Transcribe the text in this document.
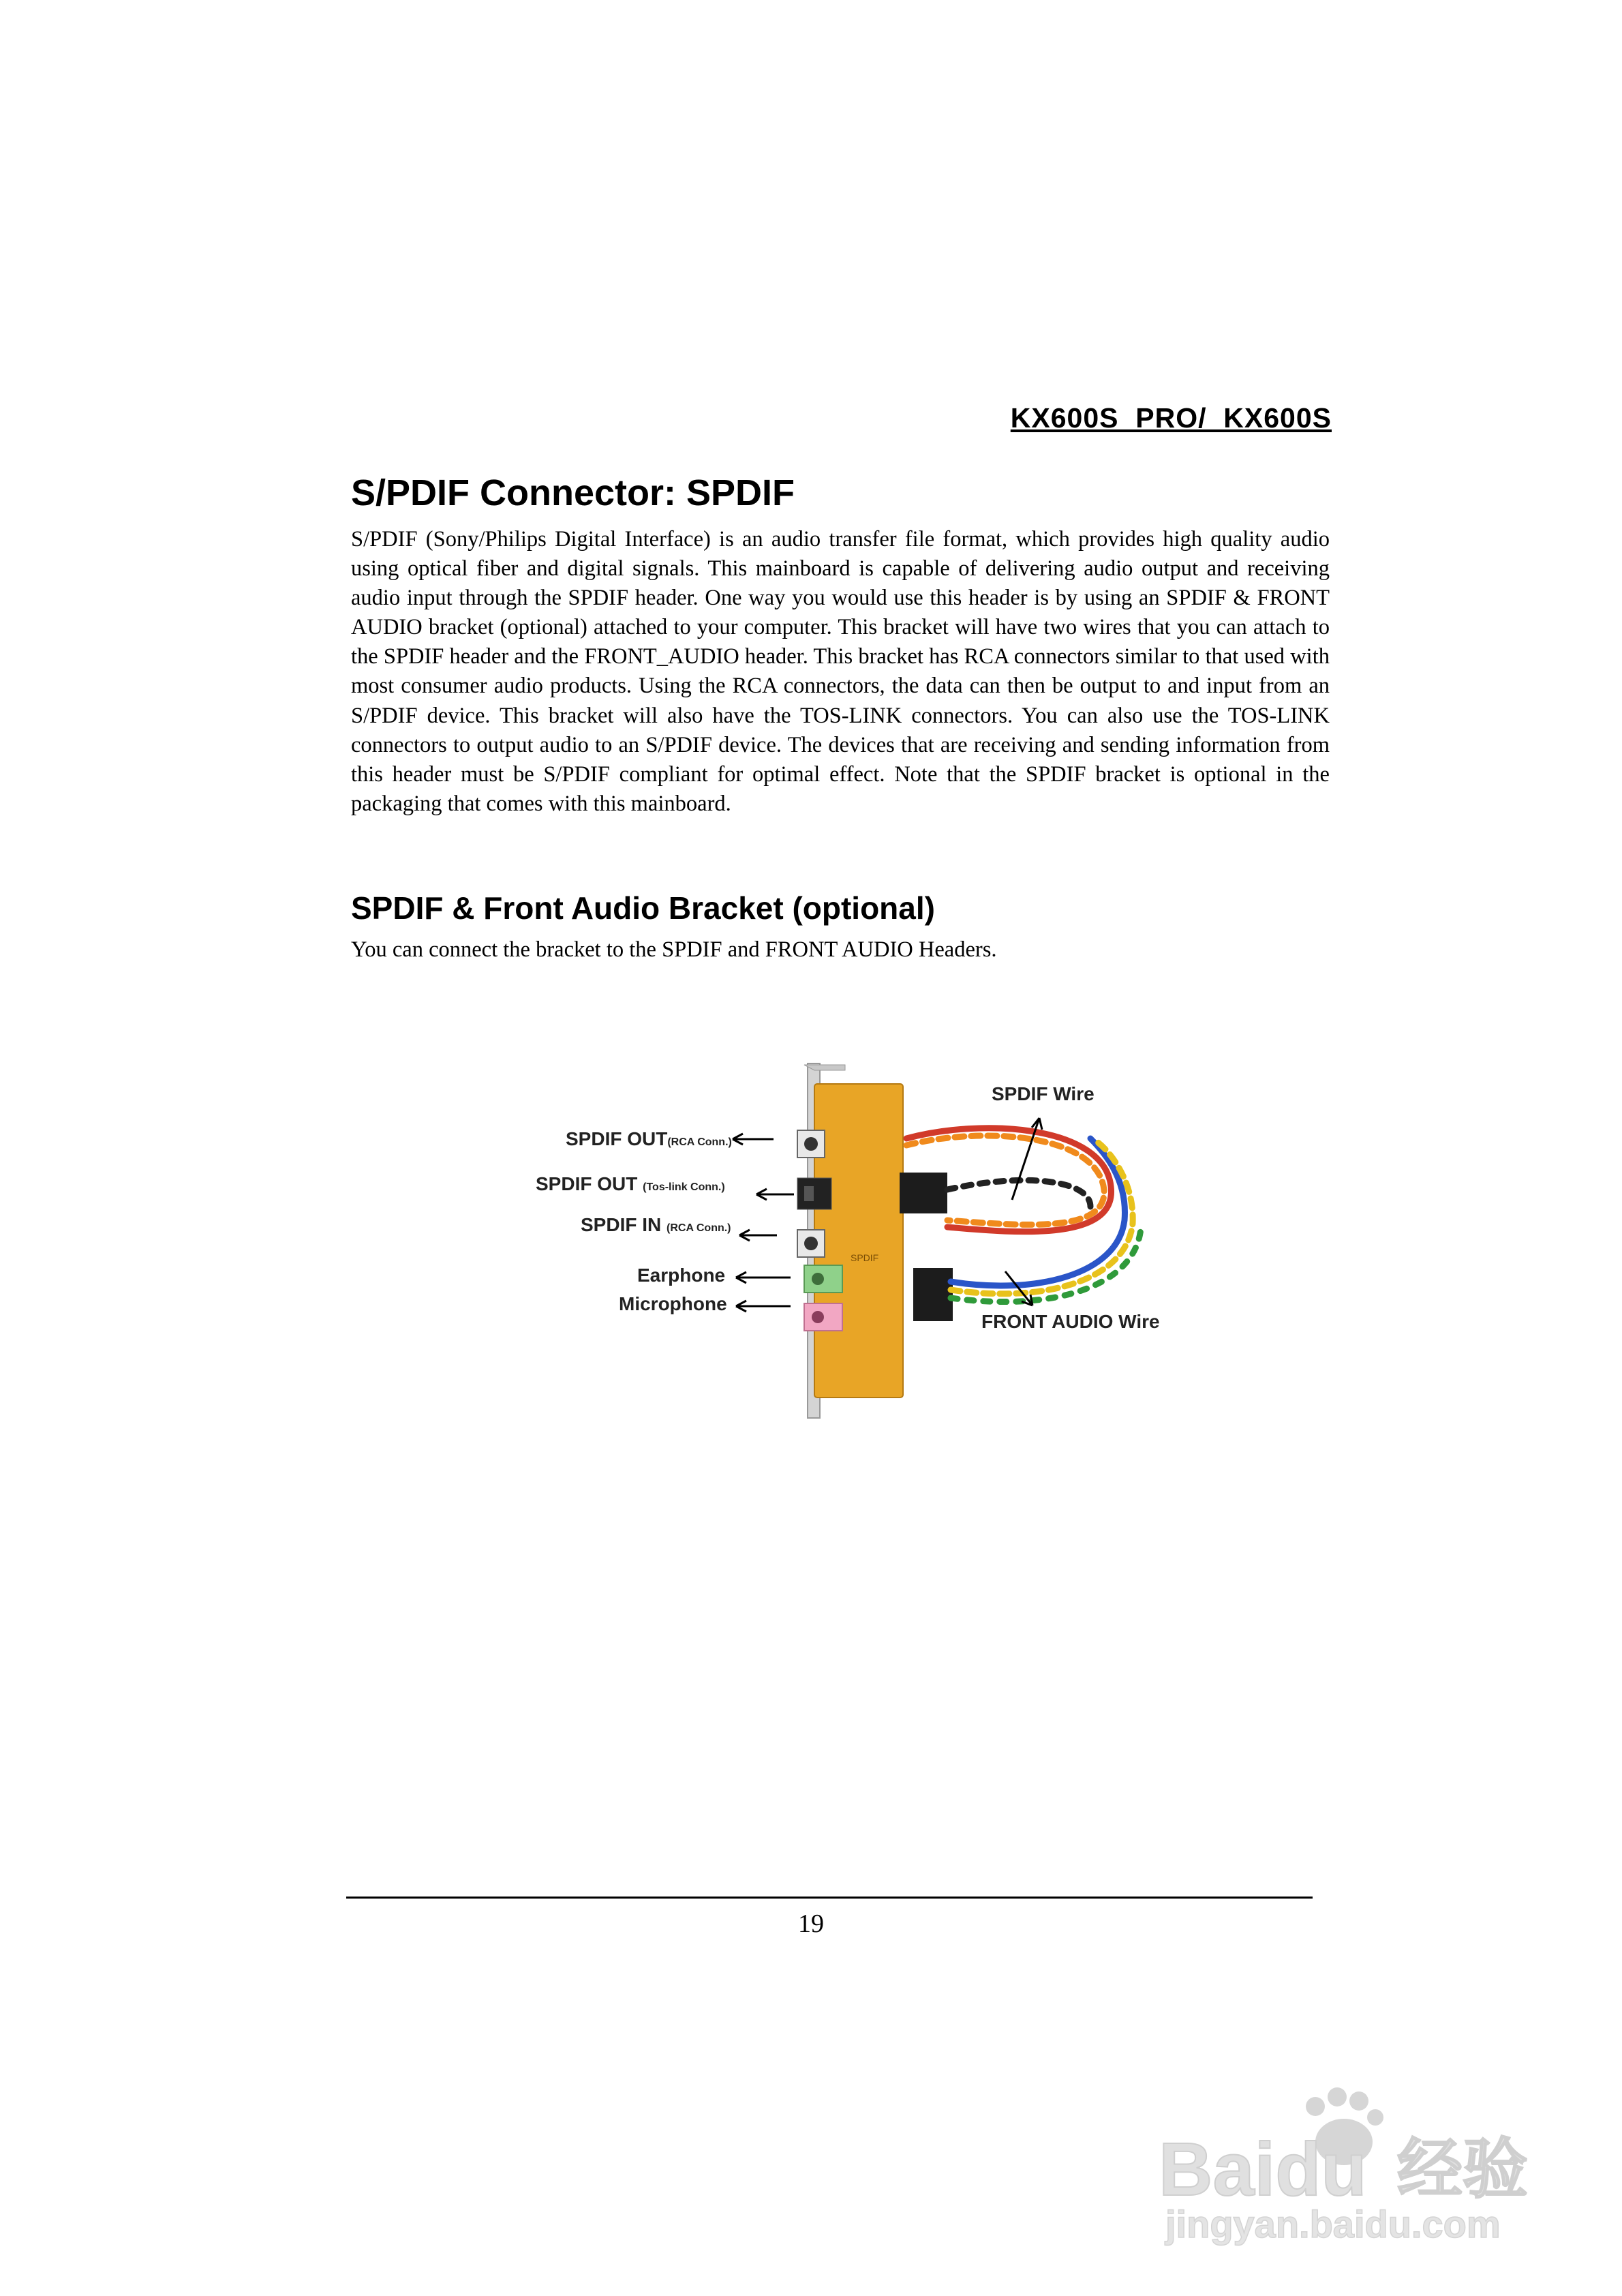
KX600S  PRO/  KX600S
S/PDIF Connector: SPDIF

S/PDIF (Sony/Philips Digital Interface) is an audio transfer file format, which provides high quality audio using optical fiber and digital signals. This mainboard is capable of delivering audio output and receiving audio input through the SPDIF header. One way you would use this header is by using an SPDIF & FRONT AUDIO bracket (optional) attached to your computer. This bracket will have two wires that you can attach to the SPDIF header and the FRONT_AUDIO header. This bracket has RCA connectors similar to that used with most consumer audio products. Using the RCA connectors, the data can then be output to and input from an S/PDIF device. This bracket will also have the TOS-LINK connectors. You can also use the TOS-LINK connectors to output audio to an S/PDIF device. The devices that are receiving and sending information from this header must be S/PDIF compliant for optimal effect. Note that the SPDIF bracket is optional in the packaging that comes with this mainboard.

SPDIF & Front Audio Bracket (optional)

You can connect the bracket to the SPDIF and FRONT AUDIO Headers.

SPDIF
SPDIF OUT(RCA Conn.)
SPDIF OUT (Tos-link Conn.)
SPDIF IN (RCA Conn.)
Earphone
Microphone
SPDIF Wire
FRONT AUDIO Wire
19
Baidu 经验
jingyan.baidu.com
